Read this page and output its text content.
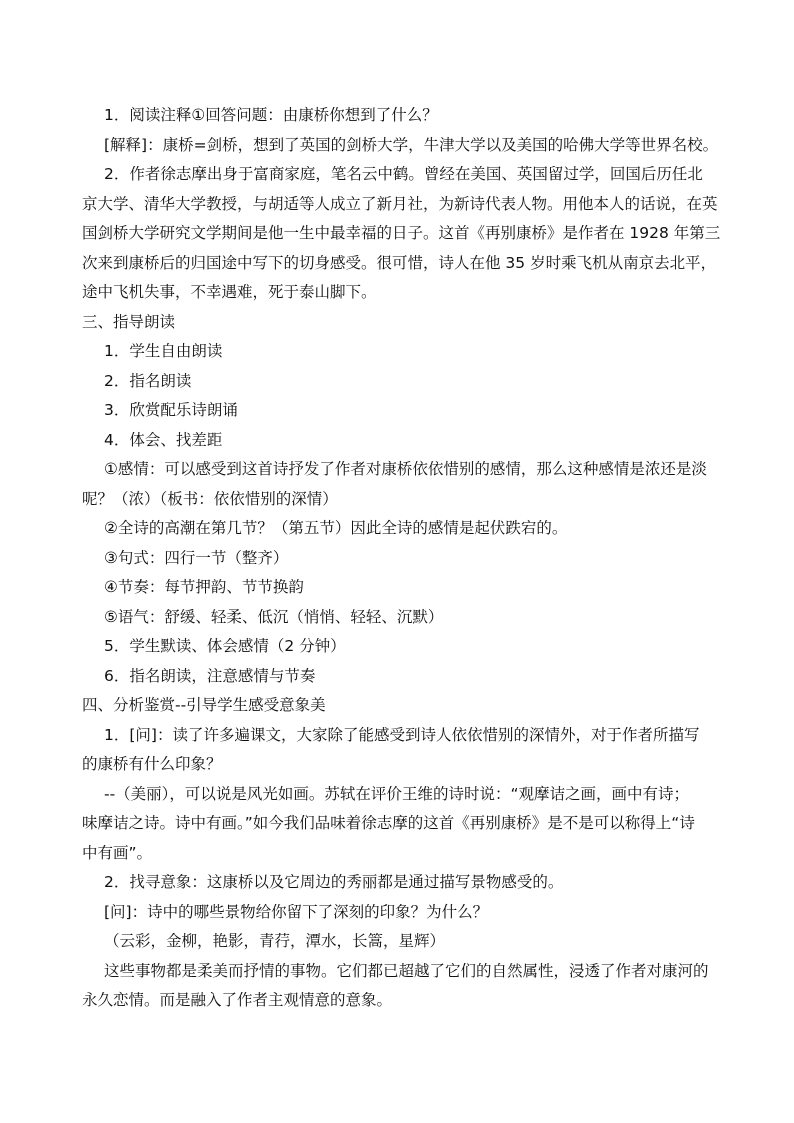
1．阅读注释①回答问题：由康桥你想到了什么？
[解释]：康桥=剑桥，想到了英国的剑桥大学，牛津大学以及美国的哈佛大学等世界名校。
2．作者徐志摩出身于富商家庭，笔名云中鹤。曾经在美国、英国留过学，回国后历任北
京大学、清华大学教授，与胡适等人成立了新月社，为新诗代表人物。用他本人的话说，在英
国剑桥大学研究文学期间是他一生中最幸福的日子。这首《再别康桥》是作者在 1928 年第三
次来到康桥后的归国途中写下的切身感受。很可惜，诗人在他 35 岁时乘飞机从南京去北平，
途中飞机失事，不幸遇难，死于泰山脚下。
三、指导朗读
1．学生自由朗读
2．指名朗读
3．欣赏配乐诗朗诵
4．体会、找差距
①感情：可以感受到这首诗抒发了作者对康桥依依惜别的感情，那么这种感情是浓还是淡
呢？（浓）（板书：依依惜别的深情）
②全诗的高潮在第几节？（第五节）因此全诗的感情是起伏跌宕的。
③句式：四行一节（整齐）
④节奏：每节押韵、节节换韵
⑤语气：舒缓、轻柔、低沉（悄悄、轻轻、沉默）
5．学生默读、体会感情（2 分钟）
6．指名朗读，注意感情与节奏
四、分析鉴赏--引导学生感受意象美
1．[问]：读了许多遍课文，大家除了能感受到诗人依依惜别的深情外，对于作者所描写
的康桥有什么印象？
--（美丽），可以说是风光如画。苏轼在评价王维的诗时说：“观摩诘之画，画中有诗；
味摩诘之诗。诗中有画。”如今我们品味着徐志摩的这首《再别康桥》是不是可以称得上“诗
中有画”。
2．找寻意象：这康桥以及它周边的秀丽都是通过描写景物感受的。
[问]：诗中的哪些景物给你留下了深刻的印象？为什么？
（云彩，金柳，艳影，青荇，潭水，长篙，星辉）
这些事物都是柔美而抒情的事物。它们都已超越了它们的自然属性，浸透了作者对康河的
永久恋情。而是融入了作者主观情意的意象。
